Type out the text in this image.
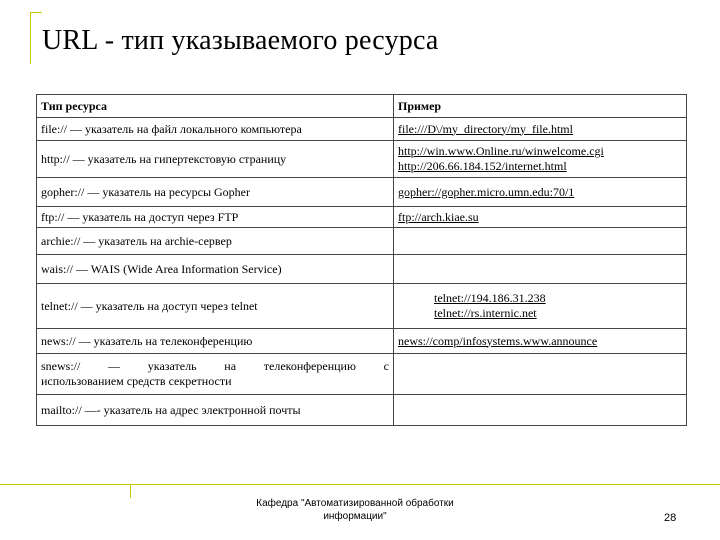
URL - тип указываемого ресурса
Тип ресурса	Пример
file:// — указатель на файл локального компьютера	file:///D\/my_directory/my_file.html

http:// — указатель на гипертекстовую страницу	http://win.www.Online.ru/winwelcome.cgi
http://206.66.184.152/internet.html

gopher:// — указатель на ресурсы Gopher	gopher://gopher.micro.umn.edu:70/1

ftp:// — указатель на доступ через FTP	ftp://arch.kiae.su

archie:// — указатель на archie-сервер	
wais:// — WAIS (Wide Area Information Service)	
telnet:// — указатель на доступ через telnet	telnet://194.186.31.238
telnet://rs.internic.net

news:// — указатель на телеконференцию	news://comp/infosystems.www.announce

snews:// — указатель на телеконференцию с
использованием средств секретности	
mailto:// —- указатель на адрес электронной почты	
Кафедра "Автоматизированной обработки
информации"	28
